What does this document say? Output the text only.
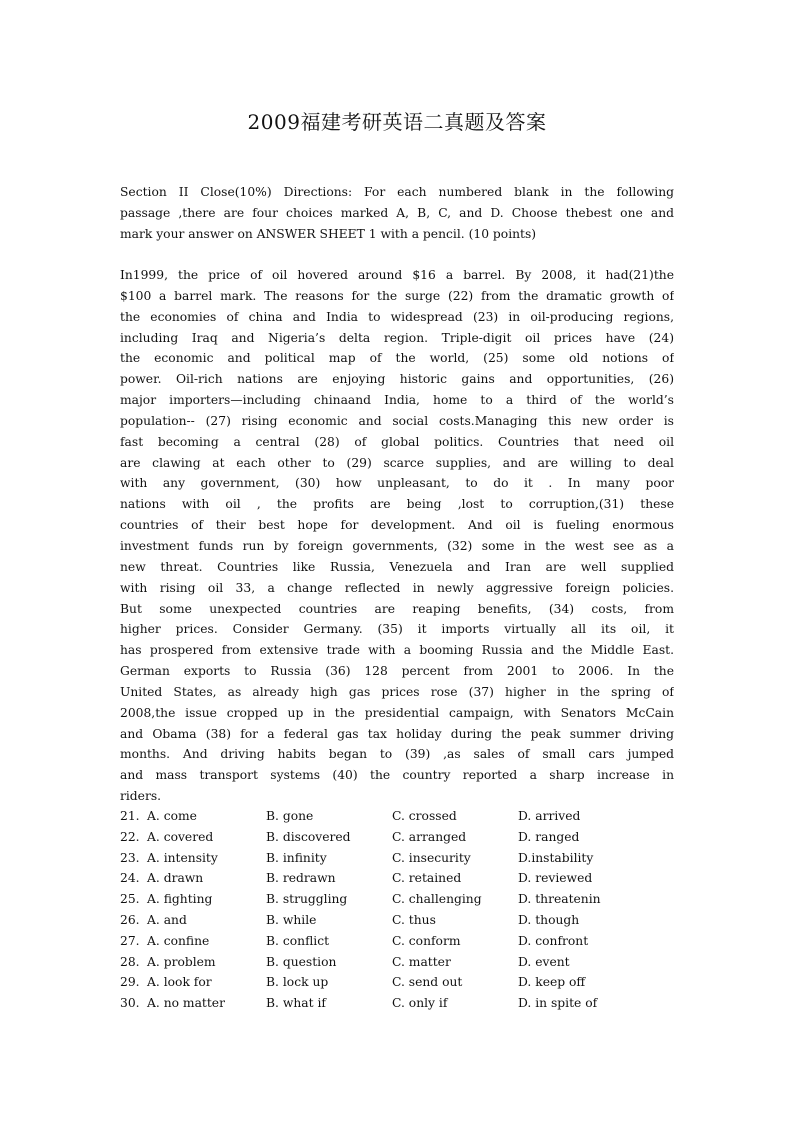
2009福建考研英语二真题及答案
Section II Close(10%) Directions: For each numbered blank in the following
passage ,there are four choices marked A, B, C, and D. Choose thebest one and
mark your answer on ANSWER SHEET 1 with a pencil. (10 points)
In1999, the price of oil hovered around $16 a barrel. By 2008, it had(21)the
$100 a barrel mark. The reasons for the surge (22) from the dramatic growth of
the economies of china and India to widespread (23) in oil-producing regions,
including Iraq and Nigeria’s delta region. Triple-digit oil prices have (24)
the economic and political map of the world, (25) some old notions of
power. Oil-rich nations are enjoying historic gains and opportunities, (26)
major importers—including chinaand India, home to a third of the world’s
population-- (27) rising economic and social costs.Managing this new order is
fast becoming a central (28) of global politics. Countries that need oil
are clawing at each other to (29) scarce supplies, and are willing to deal
with any government, (30) how unpleasant, to do it . In many poor
nations with oil , the profits are being ,lost to corruption,(31) these
countries of their best hope for development. And oil is fueling enormous
investment funds run by foreign governments, (32) some in the west see as a
new threat. Countries like Russia, Venezuela and Iran are well supplied
with rising oil 33, a change reflected in newly aggressive foreign policies.
But some unexpected countries are reaping benefits, (34) costs, from
higher prices. Consider Germany. (35) it imports virtually all its oil, it
has prospered from extensive trade with a booming Russia and the Middle East.
German exports to Russia (36) 128 percent from 2001 to 2006. In the
United States, as already high gas prices rose (37) higher in the spring of
2008,the issue cropped up in the presidential campaign, with Senators McCain
and Obama (38) for a federal gas tax holiday during the peak summer driving
months. And driving habits began to (39) ,as sales of small cars jumped
and mass transport systems (40) the country reported a sharp increase in
riders.
21. A. come	B. gone	C. crossed	D. arrived
22. A. covered	B. discovered	C. arranged	D. ranged
23. A. intensity	B. infinity	C. insecurity	D.instability
24. A. drawn	B. redrawn	C. retained	D. reviewed
25. A. fighting	B. struggling	C. challenging	D. threatenin
26. A. and	B. while	C. thus	D. though
27. A. confine	B. conflict	C. conform	D. confront
28. A. problem	B. question	C. matter	D. event
29. A. look for	B. lock up	C. send out	D. keep off
30. A. no matter	B. what if	C. only if	D. in spite of
